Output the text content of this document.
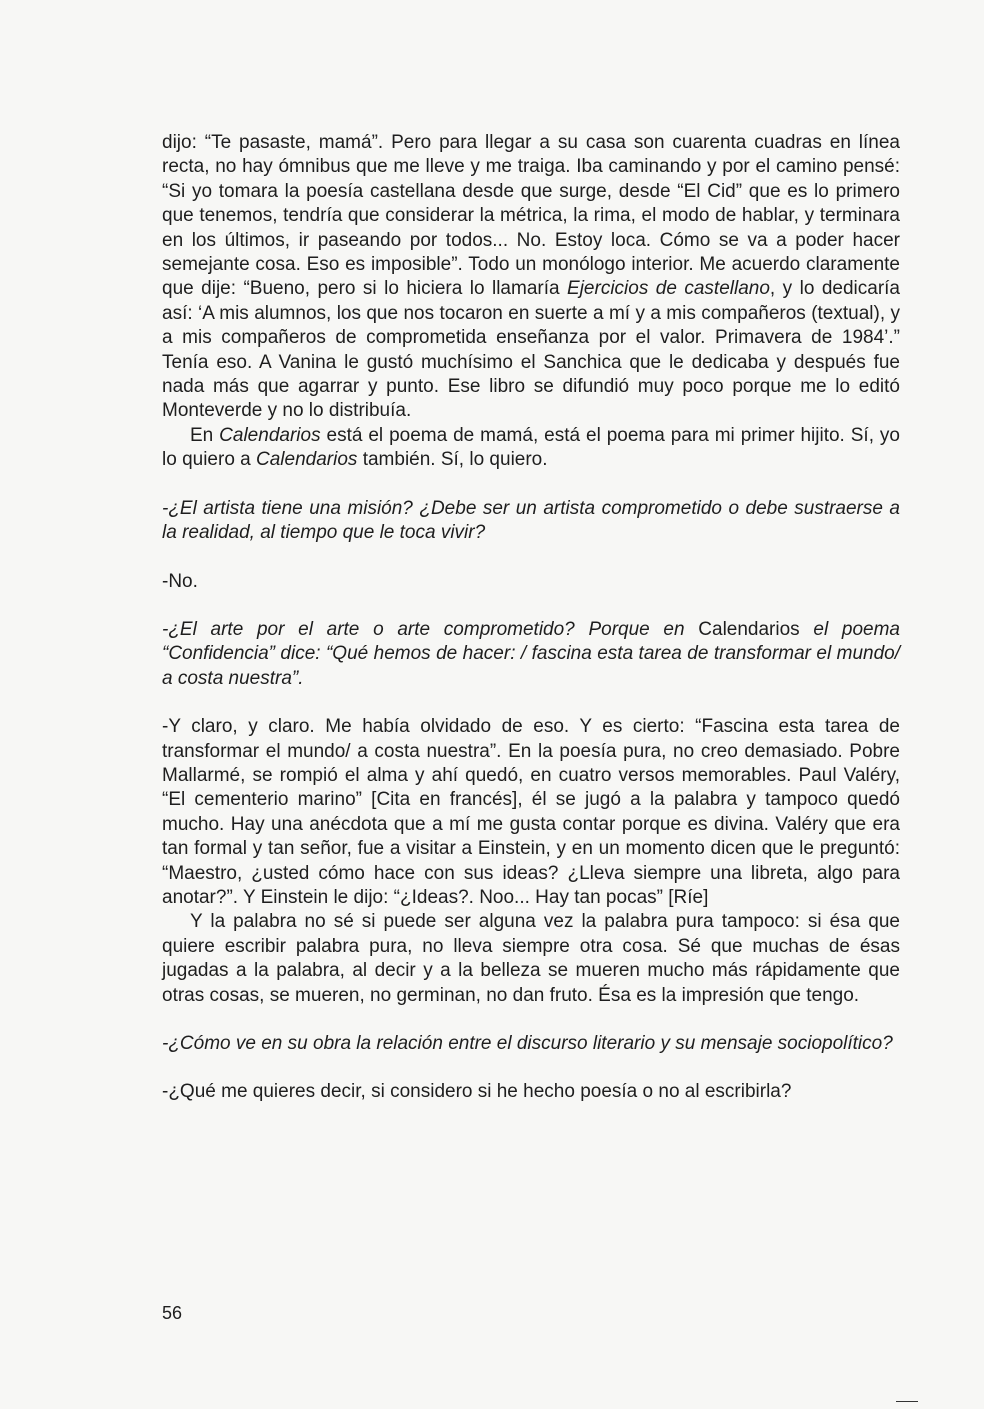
dijo: “Te pasaste, mamá”. Pero para llegar a su casa son cuarenta cuadras en línea recta, no hay ómnibus que me lleve y me traiga. Iba caminando y por el camino pensé: “Si yo tomara la poesía castellana desde que surge, desde “El Cid” que es lo primero que tenemos, tendría que considerar la métrica, la rima, el modo de hablar, y terminara en los últimos, ir paseando por todos... No. Estoy loca. Cómo se va a poder hacer semejante cosa. Eso es imposible”. Todo un monólogo interior. Me acuerdo claramente que dije: “Bueno, pero si lo hiciera lo llamaría Ejercicios de castellano, y lo dedicaría así: ‘A mis alumnos, los que nos tocaron en suerte a mí y a mis compañeros (textual), y a mis compañeros de comprometida enseñanza por el valor. Primavera de 1984’.” Tenía eso. A Vanina le gustó muchísimo el Sanchica que le dedicaba y después fue nada más que agarrar y punto. Ese libro se difundió muy poco porque me lo editó Monteverde y no lo distribuía.

En Calendarios está el poema de mamá, está el poema para mi primer hijito. Sí, yo lo quiero a Calendarios también. Sí, lo quiero.

-¿El artista tiene una misión? ¿Debe ser un artista comprometido o debe sustraerse a la realidad, al tiempo que le toca vivir?

-No.

-¿El arte por el arte o arte comprometido? Porque en Calendarios el poema “Confidencia” dice: “Qué hemos de hacer: / fascina esta tarea de transformar el mundo/ a costa nuestra”.

-Y claro, y claro. Me había olvidado de eso. Y es cierto: “Fascina esta tarea de transformar el mundo/ a costa nuestra”. En la poesía pura, no creo demasiado. Pobre Mallarmé, se rompió el alma y ahí quedó, en cuatro versos memorables. Paul Valéry, “El cementerio marino” [Cita en francés], él se jugó a la palabra y tampoco quedó mucho. Hay una anécdota que a mí me gusta contar porque es divina. Valéry que era tan formal y tan señor, fue a visitar a Einstein, y en un momento dicen que le preguntó: “Maestro, ¿usted cómo hace con sus ideas? ¿Lleva siempre una libreta, algo para anotar?”. Y Einstein le dijo: “¿Ideas?. Noo... Hay tan pocas” [Ríe]

Y la palabra no sé si puede ser alguna vez la palabra pura tampoco: si ésa que quiere escribir palabra pura, no lleva siempre otra cosa. Sé que muchas de ésas jugadas a la palabra, al decir y a la belleza se mueren mucho más rápidamente que otras cosas, se mueren, no germinan, no dan fruto. Ésa es la impresión que tengo.

-¿Cómo ve en su obra la relación entre el discurso literario y su mensaje sociopolítico?

-¿Qué me quieres decir, si considero si he hecho poesía o no al escribirla?

56
